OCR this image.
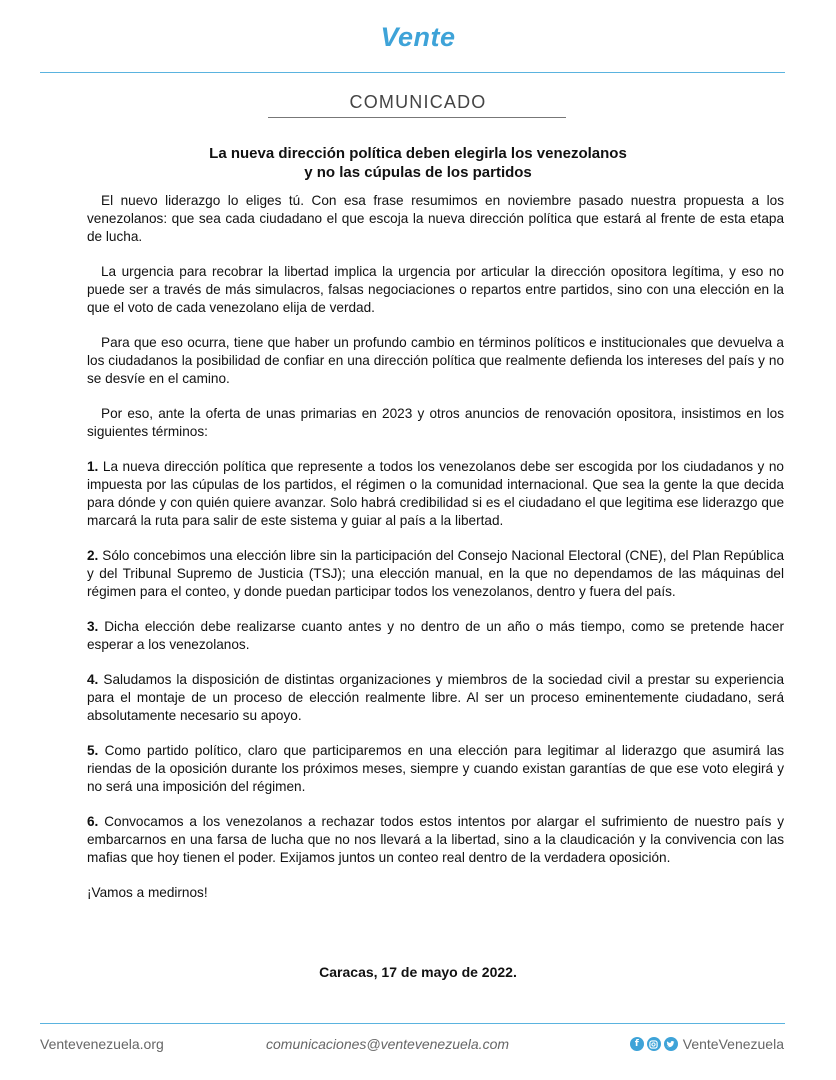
Vente
COMUNICADO
La nueva dirección política deben elegirla los venezolanos
y no las cúpulas de los partidos

El nuevo liderazgo lo eliges tú. Con esa frase resumimos en noviembre pasado nuestra propuesta a los venezolanos: que sea cada ciudadano el que escoja la nueva dirección política que estará al frente de esta etapa de lucha.

La urgencia para recobrar la libertad implica la urgencia por articular la dirección opositora legítima, y eso no puede ser a través de más simulacros, falsas negociaciones o repartos entre partidos, sino con una elección en la que el voto de cada venezolano elija de verdad.

Para que eso ocurra, tiene que haber un profundo cambio en términos políticos e institucionales que devuelva a los ciudadanos la posibilidad de confiar en una dirección política que realmente defienda los intereses del país y no se desvíe en el camino.

Por eso, ante la oferta de unas primarias en 2023 y otros anuncios de renovación opositora, insistimos en los siguientes términos:

1. La nueva dirección política que represente a todos los venezolanos debe ser escogida por los ciudadanos y no impuesta por las cúpulas de los partidos, el régimen o la comunidad internacional. Que sea la gente la que decida para dónde y con quién quiere avanzar. Solo habrá credibilidad si es el ciudadano el que legitima ese liderazgo que marcará la ruta para salir de este sistema y guiar al país a la libertad.

2. Sólo concebimos una elección libre sin la participación del Consejo Nacional Electoral (CNE), del Plan República y del Tribunal Supremo de Justicia (TSJ); una elección manual, en la que no dependamos de las máquinas del régimen para el conteo, y donde puedan participar todos los venezolanos, dentro y fuera del país.

3. Dicha elección debe realizarse cuanto antes y no dentro de un año o más tiempo, como se pretende hacer esperar a los venezolanos.

4. Saludamos la disposición de distintas organizaciones y miembros de la sociedad civil a prestar su experiencia para el montaje de un proceso de elección realmente libre. Al ser un proceso eminentemente ciudadano, será absolutamente necesario su apoyo.

5. Como partido político, claro que participaremos en una elección para legitimar al liderazgo que asumirá las riendas de la oposición durante los próximos meses, siempre y cuando existan garantías de que ese voto elegirá y no será una imposición del régimen.

6. Convocamos a los venezolanos a rechazar todos estos intentos por alargar el sufrimiento de nuestro país y embarcarnos en una farsa de lucha que no nos llevará a la libertad, sino a la claudicación y la convivencia con las mafias que hoy tienen el poder. Exijamos juntos un conteo real dentro de la verdadera oposición.

¡Vamos a medirnos!

Caracas, 17 de mayo de 2022.
Ventevenezuela.org	comunicaciones@ventevenezuela.com	f	VenteVenezuela
